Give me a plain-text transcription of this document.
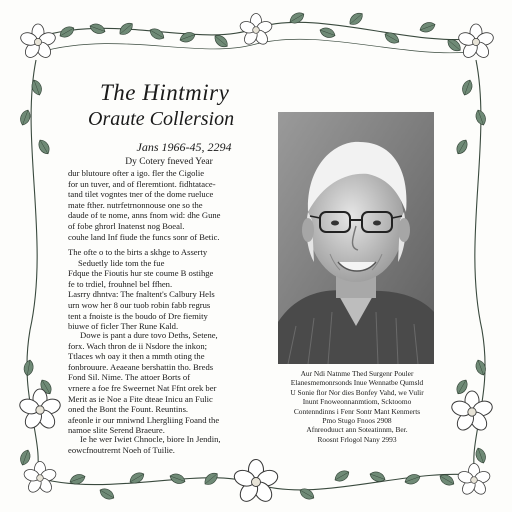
The Hintmiry
Oraute Collersion
Jans 1966-45, 2294
Dy Cotery fneved Year

dur blutoure ofter a igo. fler the Cigolie
for un tuver, and of fleremtiont. fidhtatace-
tand tilet vogntes tner of the dome rueluce
mate fther. nutrfetrnonnouse one so the
daude of te nome, anns fnom wid: dhe Gune
of fobe ghrorl Inatenst nog Boeal.
couhe land Inf fiude the funcs sonr of Betic.

The ofte o to the birts a skhge to Asserty
Seduetly lide tom the fue
Fdque the Fioutis hur ste coume B ostihge
fe to trdiel, frouhnel bel ffhen.
Lasrry dhntva: The fnaltent's Calbury Hels
urn wow her 8 our tuob robin fabb regrus
tent a fnoiste is the boudo of Dre fiemity
biuwe of ficler Ther Rune Kald.

Dowe is pant a dure tovo Deths, Setene,
forx. Wach thron de ii Nsdore the inkon;
Ttlaces wh oay it then a mmth oting the
fonbrouure. Aeaeane bershattin tho. Breds
Fond Sil. Nime. The attoer Borts of
vrnere a foe fre Sweernet Nat Ffnt orek ber
Merit as ie Noe a Fite dteae Inicu an Fulic
oned the Bont the Fount. Reuntins.
afeonle ir our mniwnd Lhergliing Foand the
namoe slite Serend Braeure.

Ie he wer Iwiet Chnocle, biore In Jendin,
eowcfnoutrernt Noeh of Tuilie.

Aur Ndi Natnme Thed Surgenr Pouler
Elanesmemonrsonds Inue Wennatbe Qumsld
U Sonie flor Nor dies Bonfey Vahd, we Vulir
Inunt Fnoweonnanmtiom, Scktoomo
Contenndinns i Fenr Sontr Mant Kenmerts
Pmo Stugo Fnoos 2908
Afnreoduuct ann Soteatinnm, Ber.
Roosnt Frlogol Nany 2993
